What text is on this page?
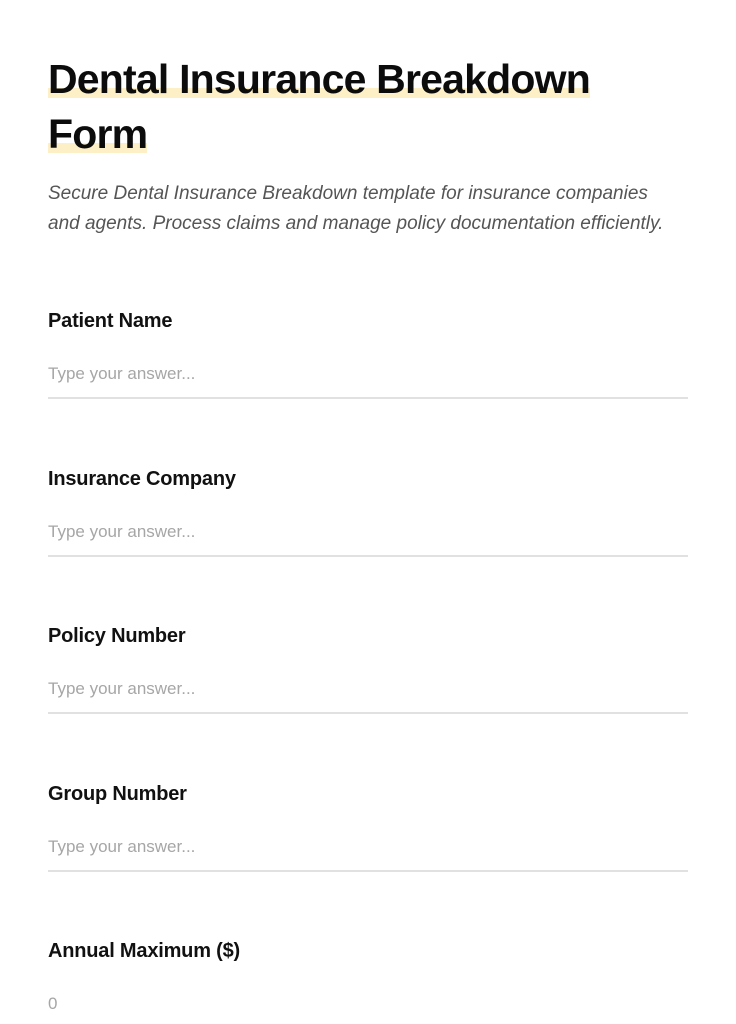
Dental Insurance Breakdown Form

Secure Dental Insurance Breakdown template for insurance companies and agents. Process claims and manage policy documentation efficiently.

Patient Name
Type your answer...
Insurance Company
Type your answer...
Policy Number
Type your answer...
Group Number
Type your answer...
Annual Maximum ($)
0
